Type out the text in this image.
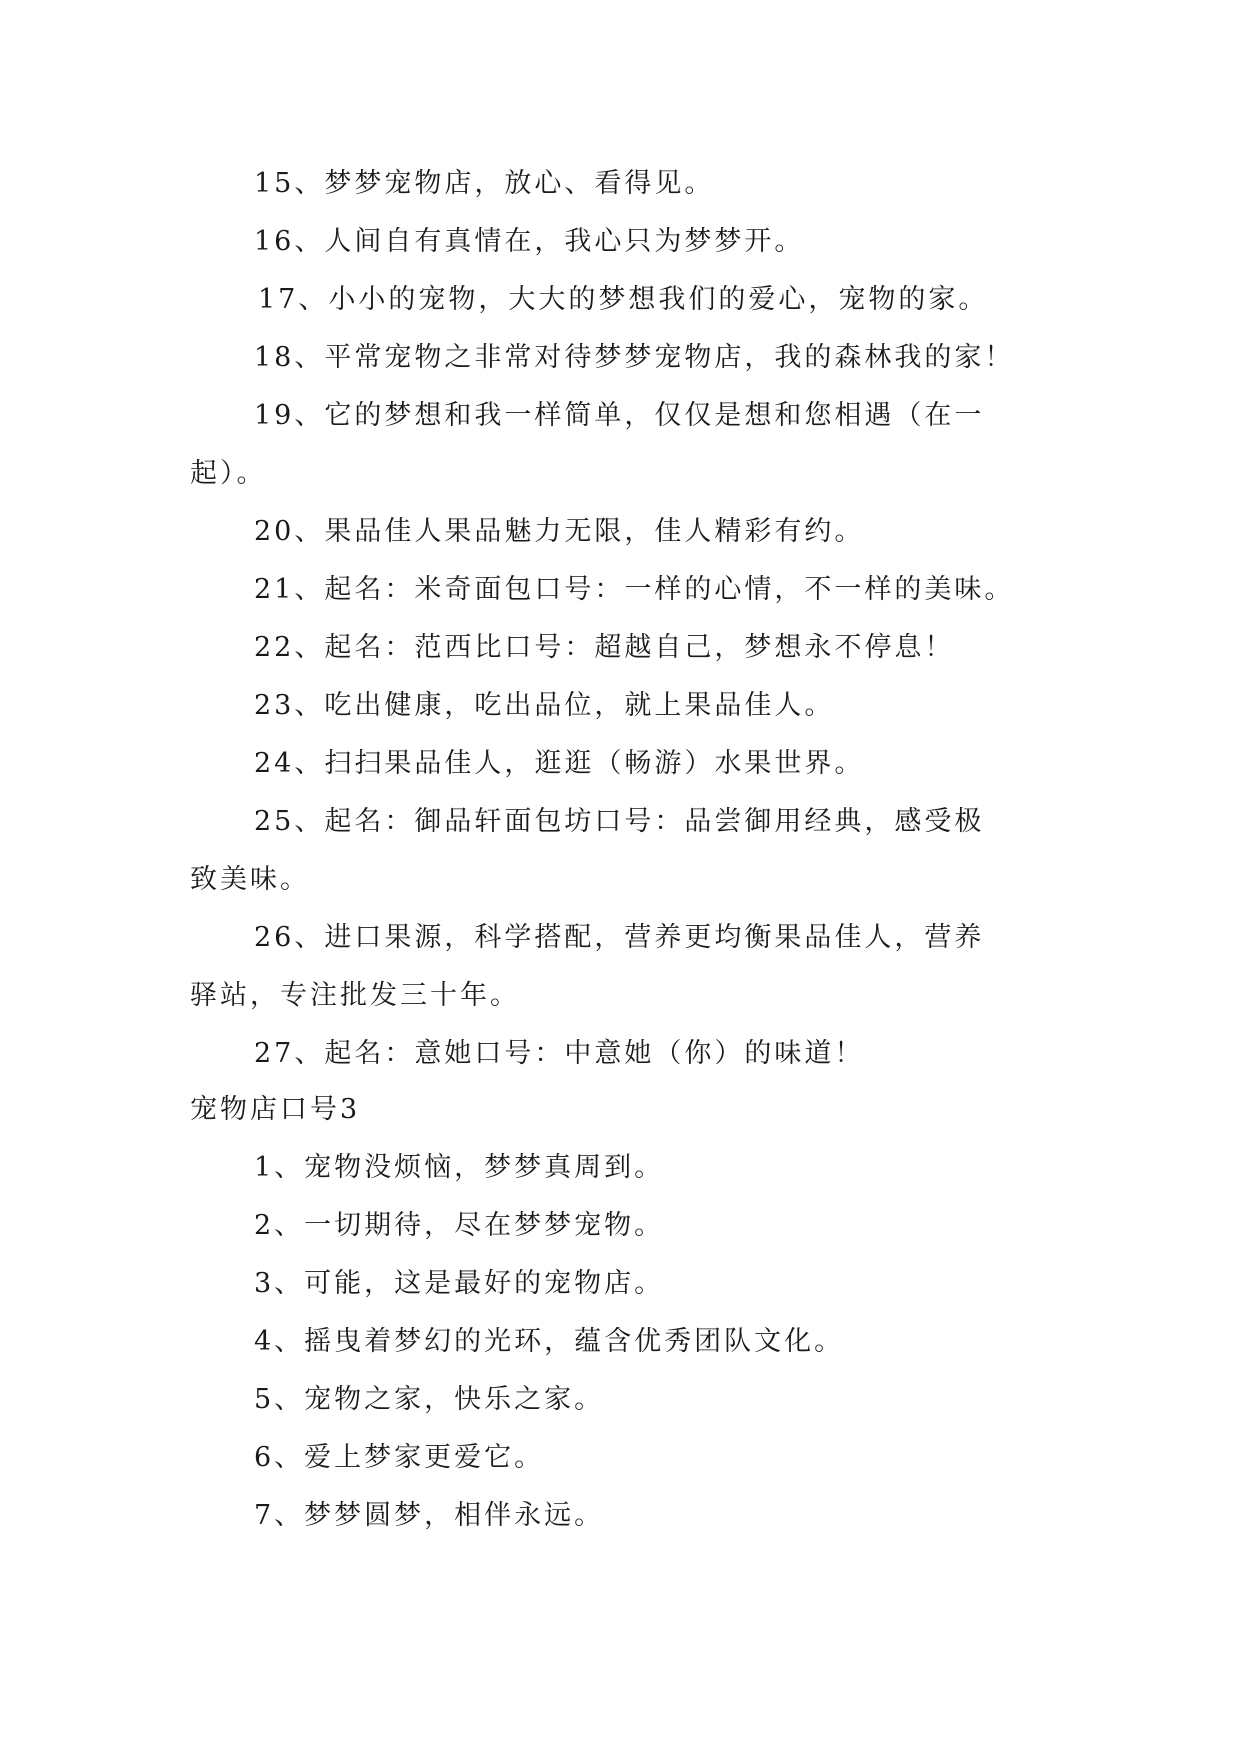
15、梦梦宠物店，放心、看得见。
16、人间自有真情在，我心只为梦梦开。
17、小小的宠物，大大的梦想我们的爱心，宠物的家。
18、平常宠物之非常对待梦梦宠物店，我的森林我的家！
19、它的梦想和我一样简单，仅仅是想和您相遇（在一
起）。
20、果品佳人果品魅力无限，佳人精彩有约。
21、起名：米奇面包口号：一样的心情，不一样的美味。
22、起名：范西比口号：超越自己，梦想永不停息！
23、吃出健康，吃出品位，就上果品佳人。
24、扫扫果品佳人，逛逛（畅游）水果世界。
25、起名：御品轩面包坊口号：品尝御用经典，感受极
致美味。
26、进口果源，科学搭配，营养更均衡果品佳人，营养
驿站，专注批发三十年。
27、起名：意她口号：中意她（你）的味道！
宠物店口号3
1、宠物没烦恼，梦梦真周到。
2、一切期待，尽在梦梦宠物。
3、可能，这是最好的宠物店。
4、摇曳着梦幻的光环，蕴含优秀团队文化。
5、宠物之家，快乐之家。
6、爱上梦家更爱它。
7、梦梦圆梦，相伴永远。
